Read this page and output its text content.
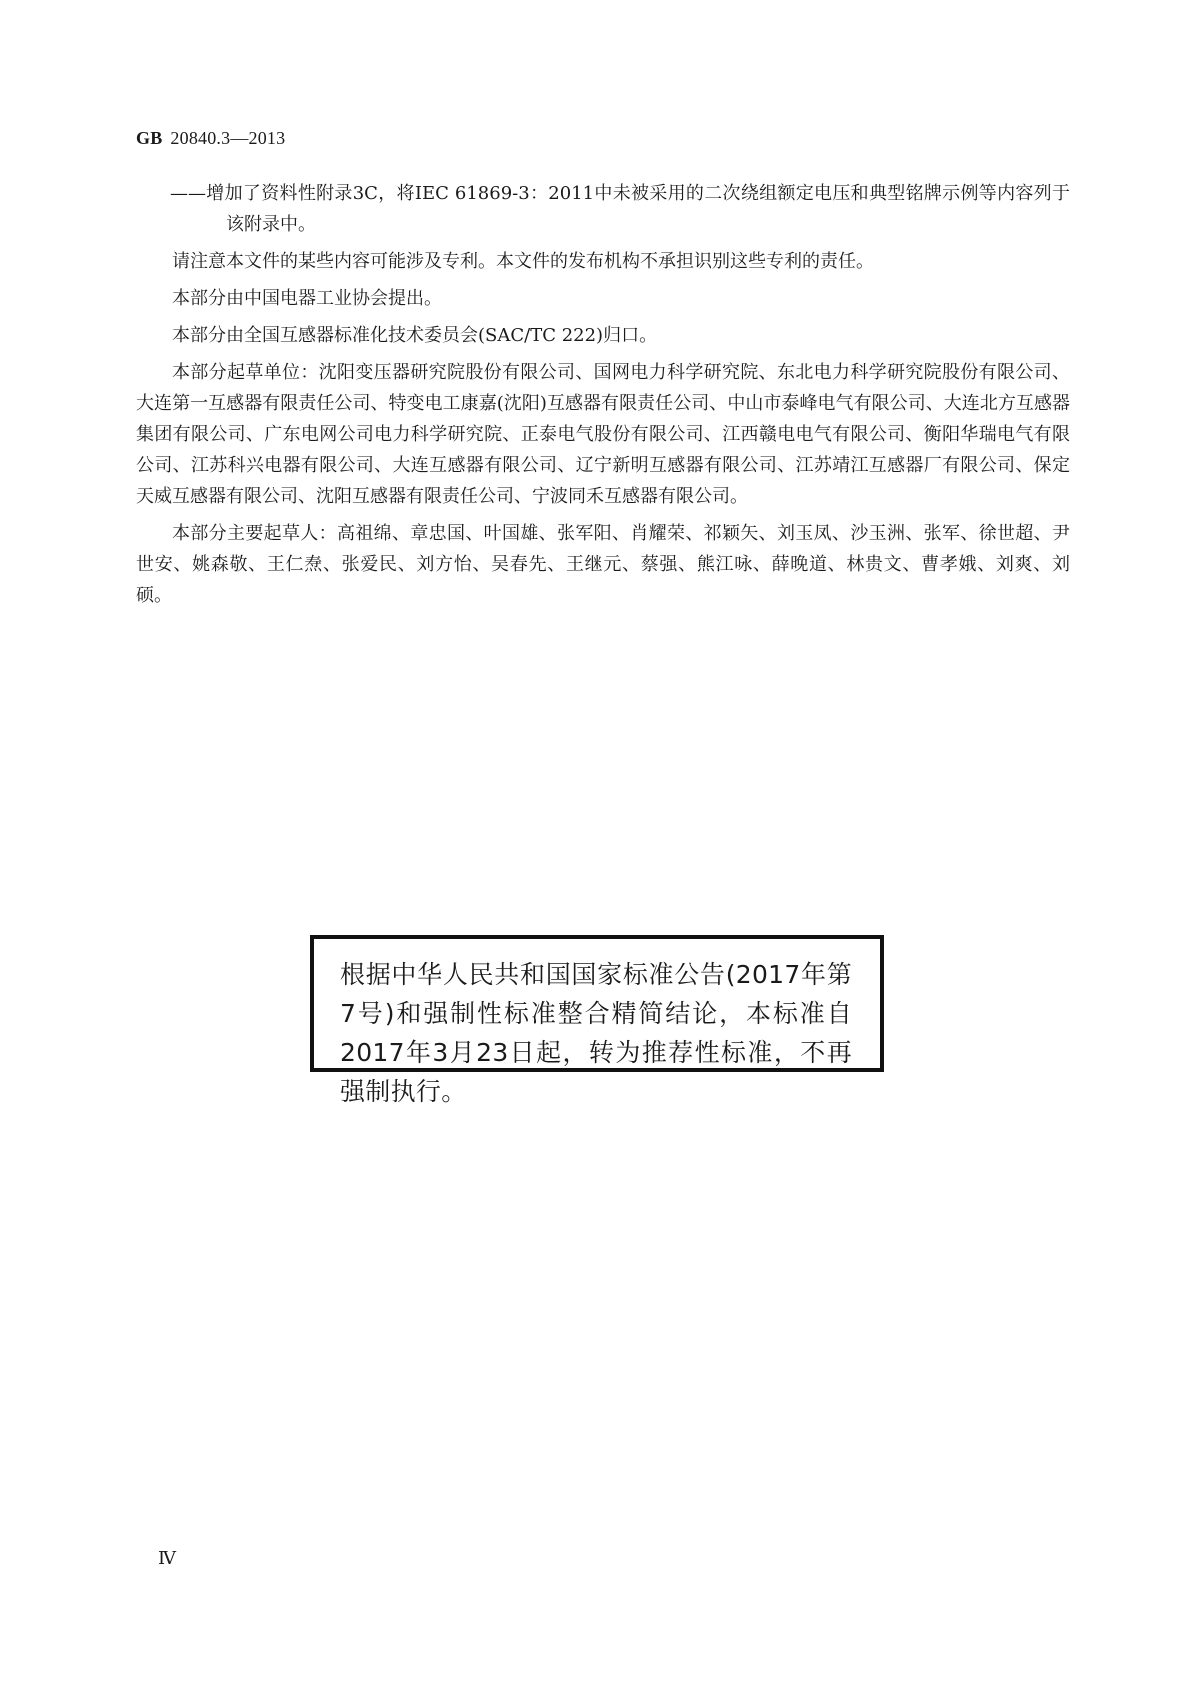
GB 20840.3—2013

——增加了资料性附录3C，将IEC 61869-3：2011中未被采用的二次绕组额定电压和典型铭牌示例等内容列于该附录中。

请注意本文件的某些内容可能涉及专利。本文件的发布机构不承担识别这些专利的责任。

本部分由中国电器工业协会提出。

本部分由全国互感器标准化技术委员会(SAC/TC 222)归口。

本部分起草单位：沈阳变压器研究院股份有限公司、国网电力科学研究院、东北电力科学研究院股份有限公司、大连第一互感器有限责任公司、特变电工康嘉(沈阳)互感器有限责任公司、中山市泰峰电气有限公司、大连北方互感器集团有限公司、广东电网公司电力科学研究院、正泰电气股份有限公司、江西赣电电气有限公司、衡阳华瑞电气有限公司、江苏科兴电器有限公司、大连互感器有限公司、辽宁新明互感器有限公司、江苏靖江互感器厂有限公司、保定天威互感器有限公司、沈阳互感器有限责任公司、宁波同禾互感器有限公司。

本部分主要起草人：高祖绵、章忠国、叶国雄、张军阳、肖耀荣、祁颖矢、刘玉凤、沙玉洲、张军、徐世超、尹世安、姚森敬、王仁焘、张爱民、刘方怡、吴春先、王继元、蔡强、熊江咏、薛晚道、林贵文、曹孝娥、刘爽、刘硕。

根据中华人民共和国国家标准公告(2017年第7号)和强制性标准整合精简结论，本标准自2017年3月23日起，转为推荐性标准，不再强制执行。
Ⅳ
